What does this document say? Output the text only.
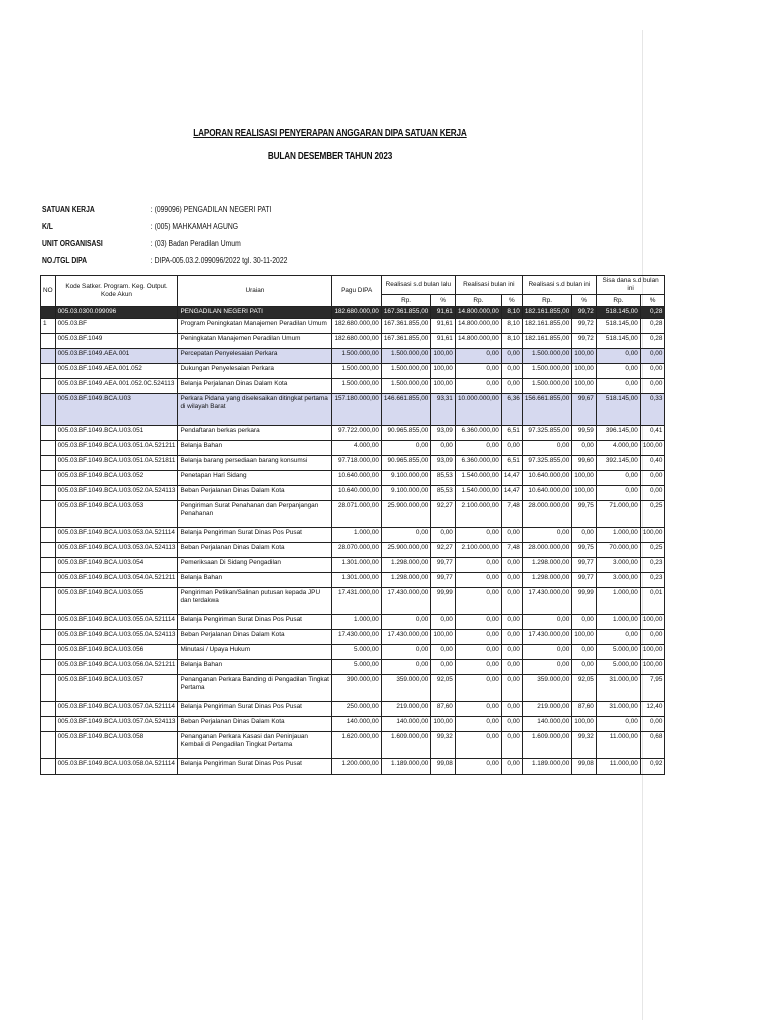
LAPORAN REALISASI PENYERAPAN ANGGARAN DIPA SATUAN KERJA
BULAN DESEMBER TAHUN 2023
SATUAN KERJA	: (099096) PENGADILAN NEGERI PATI
K/L	: (005) MAHKAMAH AGUNG
UNIT ORGANISASI	: (03) Badan Peradilan Umum
NO./TGL DIPA	: DIPA-005.03.2.099096/2022 tgl. 30-11-2022
NO	Kode Satker. Program. Keg. Output. Kode Akun	Uraian	Pagu DIPA	Realisasi s.d bulan lalu		Realisasi bulan ini		Realisasi s.d bulan ini		Sisa dana s.d bulan ini	
				Rp.	%	Rp.	%	Rp.	%	Rp.	%
	005.03.0300.099096	PENGADILAN NEGERI PATI	182.680.000,00	167.361.855,00	91,61	14.800.000,00	8,10	182.161.855,00	99,72	518.145,00	0,28
1	005.03.BF	Program Peningkatan Manajemen Peradilan Umum	182.680.000,00	167.361.855,00	91,61	14.800.000,00	8,10	182.161.855,00	99,72	518.145,00	0,28
	005.03.BF.1049	Peningkatan Manajemen Peradilan Umum	182.680.000,00	167.361.855,00	91,61	14.800.000,00	8,10	182.161.855,00	99,72	518.145,00	0,28
	005.03.BF.1049.AEA.001	Percepatan Penyelesaian Perkara	1.500.000,00	1.500.000,00	100,00	0,00	0,00	1.500.000,00	100,00	0,00	0,00
	005.03.BF.1049.AEA.001.052	Dukungan Penyelesaian Perkara	1.500.000,00	1.500.000,00	100,00	0,00	0,00	1.500.000,00	100,00	0,00	0,00
	005.03.BF.1049.AEA.001.052.0C.524113	Belanja Perjalanan Dinas Dalam Kota	1.500.000,00	1.500.000,00	100,00	0,00	0,00	1.500.000,00	100,00	0,00	0,00
	005.03.BF.1049.BCA.U03	Perkara Pidana yang diselesaikan ditingkat pertama di wilayah Barat	157.180.000,00	146.661.855,00	93,31	10.000.000,00	6,36	156.661.855,00	99,67	518.145,00	0,33
	005.03.BF.1049.BCA.U03.051	Pendaftaran berkas perkara	97.722.000,00	90.965.855,00	93,09	6.360.000,00	6,51	97.325.855,00	99,59	396.145,00	0,41
	005.03.BF.1049.BCA.U03.051.0A.521211	Belanja Bahan	4.000,00	0,00	0,00	0,00	0,00	0,00	0,00	4.000,00	100,00
	005.03.BF.1049.BCA.U03.051.0A.521811	Belanja barang persediaan barang konsumsi	97.718.000,00	90.965.855,00	93,09	6.360.000,00	6,51	97.325.855,00	99,60	392.145,00	0,40
	005.03.BF.1049.BCA.U03.052	Penetapan Hari Sidang	10.640.000,00	9.100.000,00	85,53	1.540.000,00	14,47	10.640.000,00	100,00	0,00	0,00
	005.03.BF.1049.BCA.U03.052.0A.524113	Beban Perjalanan Dinas Dalam Kota	10.640.000,00	9.100.000,00	85,53	1.540.000,00	14,47	10.640.000,00	100,00	0,00	0,00
	005.03.BF.1049.BCA.U03.053	Pengiriman Surat Penahanan dan Perpanjangan Penahanan	28.071.000,00	25.900.000,00	92,27	2.100.000,00	7,48	28.000.000,00	99,75	71.000,00	0,25
	005.03.BF.1049.BCA.U03.053.0A.521114	Belanja Pengiriman Surat Dinas Pos Pusat	1.000,00	0,00	0,00	0,00	0,00	0,00	0,00	1.000,00	100,00
	005.03.BF.1049.BCA.U03.053.0A.524113	Beban Perjalanan Dinas Dalam Kota	28.070.000,00	25.900.000,00	92,27	2.100.000,00	7,48	28.000.000,00	99,75	70.000,00	0,25
	005.03.BF.1049.BCA.U03.054	Pemeriksaan Di Sidang Pengadilan	1.301.000,00	1.298.000,00	99,77	0,00	0,00	1.298.000,00	99,77	3.000,00	0,23
	005.03.BF.1049.BCA.U03.054.0A.521211	Belanja Bahan	1.301.000,00	1.298.000,00	99,77	0,00	0,00	1.298.000,00	99,77	3.000,00	0,23
	005.03.BF.1049.BCA.U03.055	Pengiriman Petikan/Salinan putusan kepada JPU dan terdakwa	17.431.000,00	17.430.000,00	99,99	0,00	0,00	17.430.000,00	99,99	1.000,00	0,01
	005.03.BF.1049.BCA.U03.055.0A.521114	Belanja Pengiriman Surat Dinas Pos Pusat	1.000,00	0,00	0,00	0,00	0,00	0,00	0,00	1.000,00	100,00
	005.03.BF.1049.BCA.U03.055.0A.524113	Beban Perjalanan Dinas Dalam Kota	17.430.000,00	17.430.000,00	100,00	0,00	0,00	17.430.000,00	100,00	0,00	0,00
	005.03.BF.1049.BCA.U03.056	Minutasi / Upaya Hukum	5.000,00	0,00	0,00	0,00	0,00	0,00	0,00	5.000,00	100,00
	005.03.BF.1049.BCA.U03.056.0A.521211	Belanja Bahan	5.000,00	0,00	0,00	0,00	0,00	0,00	0,00	5.000,00	100,00
	005.03.BF.1049.BCA.U03.057	Penanganan Perkara Banding di Pengadilan Tingkat Pertama	390.000,00	359.000,00	92,05	0,00	0,00	359.000,00	92,05	31.000,00	7,95
	005.03.BF.1049.BCA.U03.057.0A.521114	Belanja Pengiriman Surat Dinas Pos Pusat	250.000,00	219.000,00	87,60	0,00	0,00	219.000,00	87,60	31.000,00	12,40
	005.03.BF.1049.BCA.U03.057.0A.524113	Beban Perjalanan Dinas Dalam Kota	140.000,00	140.000,00	100,00	0,00	0,00	140.000,00	100,00	0,00	0,00
	005.03.BF.1049.BCA.U03.058	Penanganan Perkara Kasasi dan Peninjauan Kembali di Pengadilan Tingkat Pertama	1.620.000,00	1.609.000,00	99,32	0,00	0,00	1.609.000,00	99,32	11.000,00	0,68
	005.03.BF.1049.BCA.U03.058.0A.521114	Belanja Pengiriman Surat Dinas Pos Pusat	1.200.000,00	1.189.000,00	99,08	0,00	0,00	1.189.000,00	99,08	11.000,00	0,92
